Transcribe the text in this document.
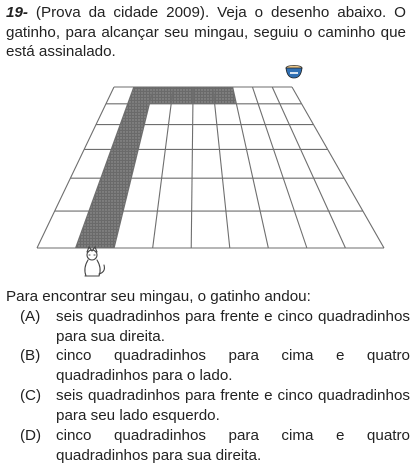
19- (Prova da cidade 2009). Veja o desenho abaixo. O gatinho, para alcançar seu mingau, seguiu o caminho que está assinalado.
Para encontrar seu mingau, o gatinho andou:
(A) seis quadradinhos para frente e cinco quadradinhos para sua direita.
(B) cinco quadradinhos para cima e quatro quadradinhos para o lado.
(C) seis quadradinhos para frente e cinco quadradinhos para seu lado esquerdo.
(D) cinco quadradinhos para cima e quatro quadradinhos para sua direita.
